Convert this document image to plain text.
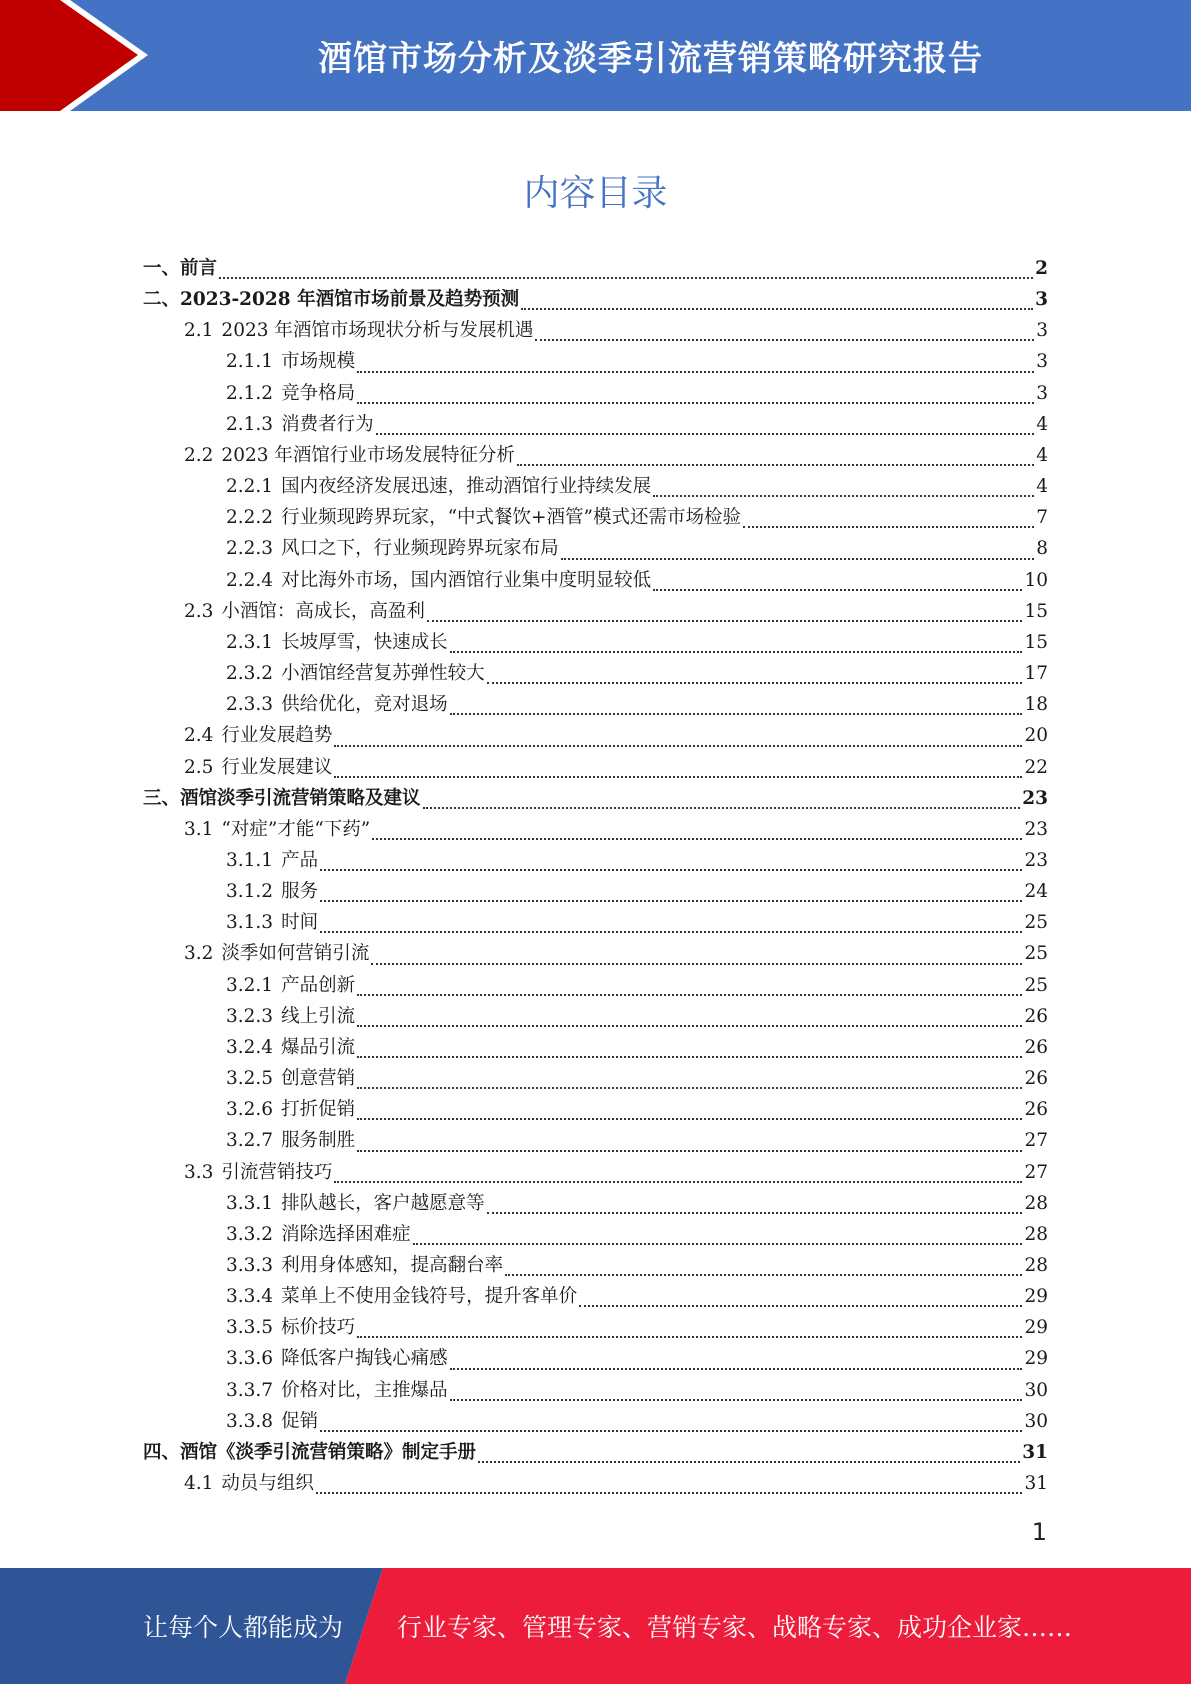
酒馆市场分析及淡季引流营销策略研究报告
内容目录
一、 前言	2
二、 2023-2028 年酒馆市场前景及趋势预测	3
2.1 2023 年酒馆市场现状分析与发展机遇	3
2.1.1 市场规模	3
2.1.2 竞争格局	3
2.1.3 消费者行为	4
2.2 2023 年酒馆行业市场发展特征分析	4
2.2.1 国内夜经济发展迅速，推动酒馆行业持续发展	4
2.2.2 行业频现跨界玩家，“中式餐饮+酒管”模式还需市场检验	7
2.2.3 风口之下，行业频现跨界玩家布局	8
2.2.4 对比海外市场，国内酒馆行业集中度明显较低	10
2.3 小酒馆：高成长，高盈利	15
2.3.1 长坡厚雪，快速成长	15
2.3.2 小酒馆经营复苏弹性较大	17
2.3.3 供给优化，竞对退场	18
2.4 行业发展趋势	20
2.5 行业发展建议	22
三、 酒馆淡季引流营销策略及建议	23
3.1 “对症”才能“下药”	23
3.1.1 产品	23
3.1.2 服务	24
3.1.3 时间	25
3.2 淡季如何营销引流	25
3.2.1 产品创新	25
3.2.3 线上引流	26
3.2.4 爆品引流	26
3.2.5 创意营销	26
3.2.6 打折促销	26
3.2.7 服务制胜	27
3.3 引流营销技巧	27
3.3.1 排队越长，客户越愿意等	28
3.3.2 消除选择困难症	28
3.3.3 利用身体感知，提高翻台率	28
3.3.4 菜单上不使用金钱符号，提升客单价	29
3.3.5 标价技巧	29
3.3.6 降低客户掏钱心痛感	29
3.3.7 价格对比，主推爆品	30
3.3.8 促销	30
四、 酒馆《淡季引流营销策略》制定手册	31
4.1 动员与组织	31
1
让每个人都能成为 行业专家、管理专家、营销专家、战略专家、成功企业家……
